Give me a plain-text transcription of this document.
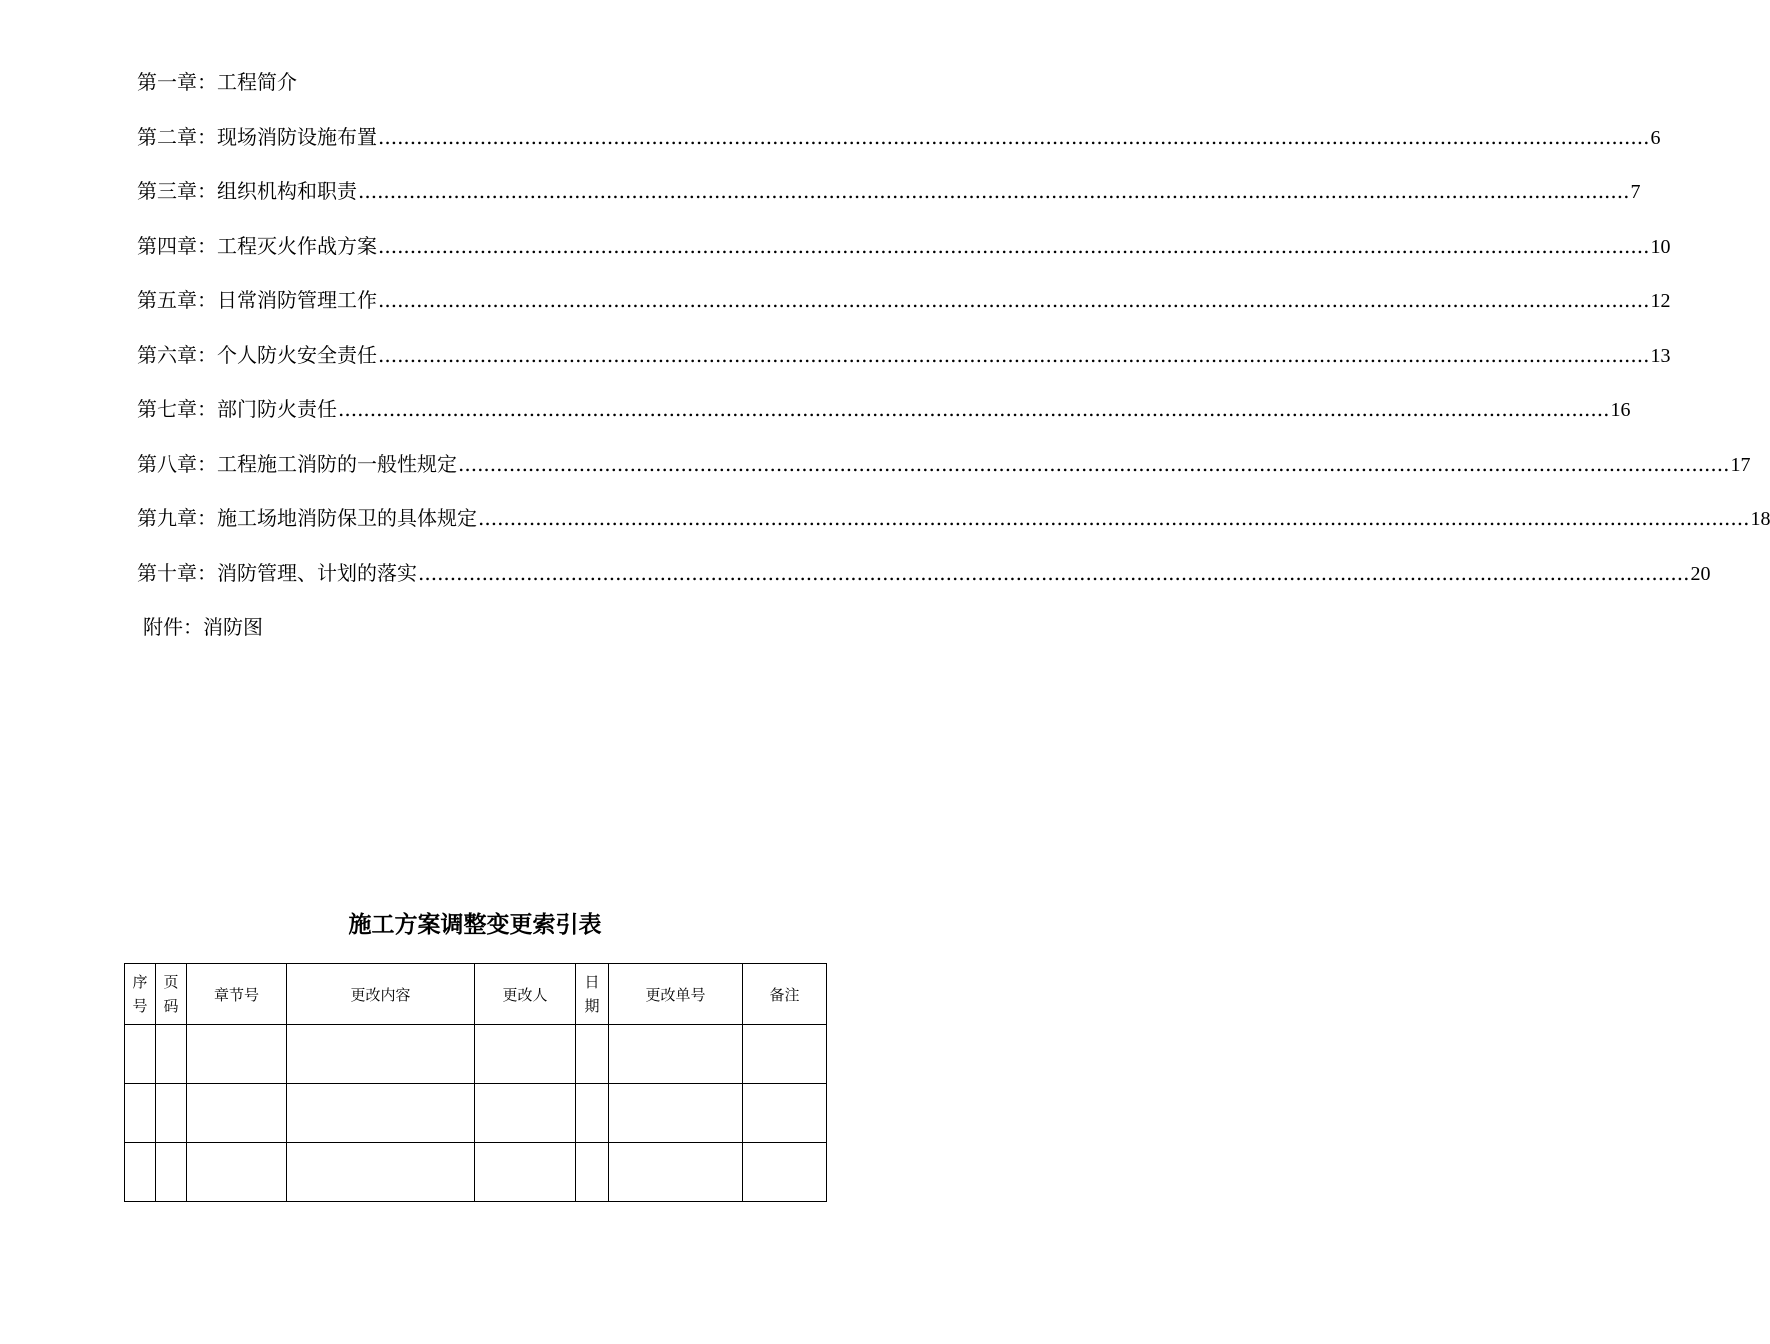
第一章：工程简介
第二章：现场消防设施布置 ........................................................................................................................................................................................................ 6
第三章：组织机构和职责 ........................................................................................................................................................................................................ 7
第四章：工程灭火作战方案 ........................................................................................................................................................................................................ 10
第五章：日常消防管理工作 ........................................................................................................................................................................................................ 12
第六章：个人防火安全责任 ........................................................................................................................................................................................................ 13
第七章：部门防火责任 ........................................................................................................................................................................................................ 16
第八章：工程施工消防的一般性规定 ........................................................................................................................................................................................................ 17
第九章：施工场地消防保卫的具体规定 ........................................................................................................................................................................................................ 18
第十章：消防管理、计划的落实 ........................................................................................................................................................................................................ 20
附件：消防图
施工方案调整变更索引表
序号	页码	章节号	更改内容	更改人	日期	更改单号	备注
